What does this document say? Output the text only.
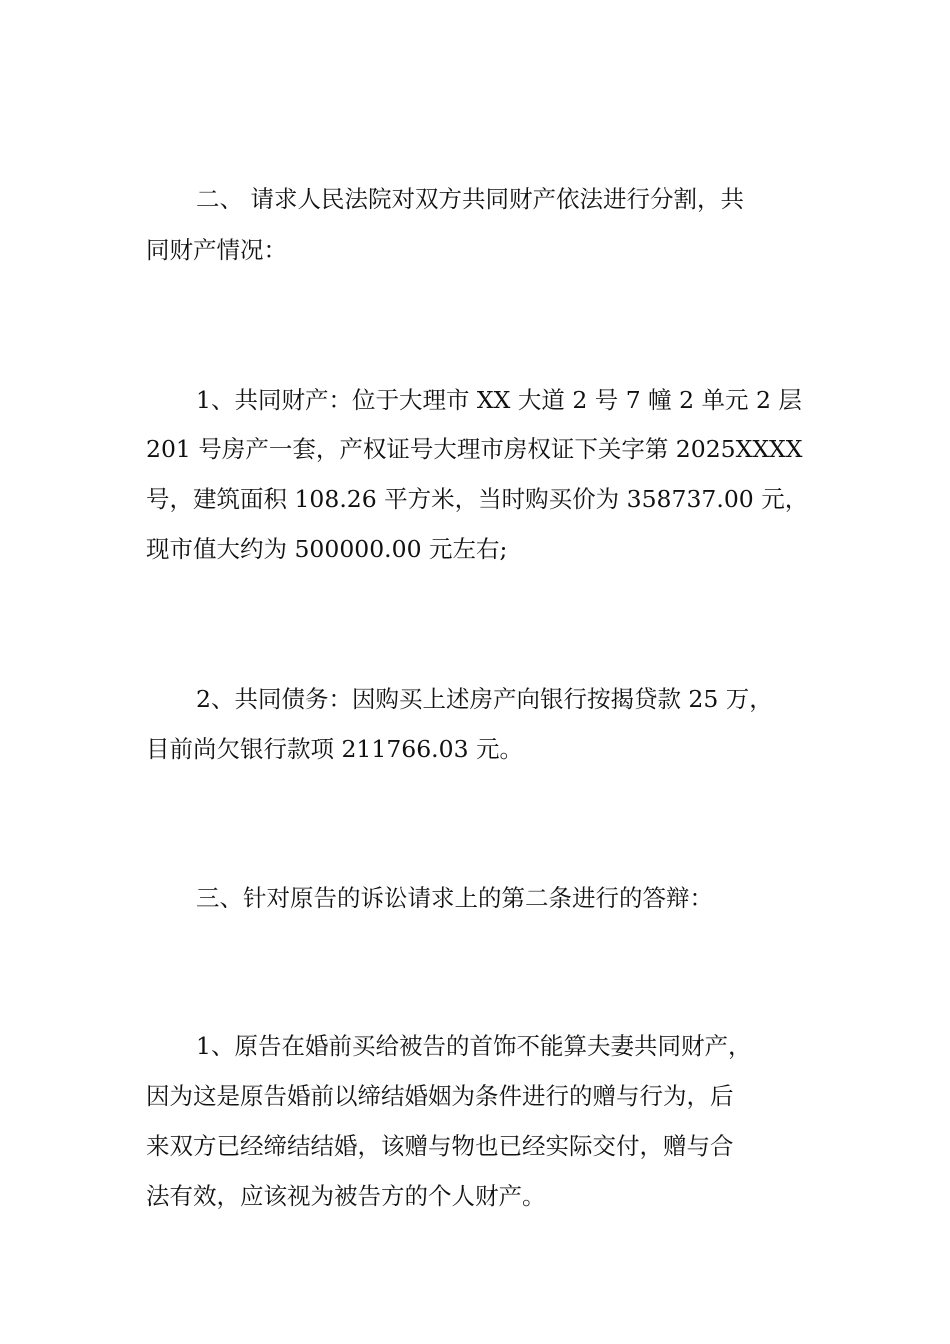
二、 请求人民法院对双方共同财产依法进行分割，共

同财产情况：

1、共同财产：位于大理市 XX 大道 2 号 7 幢 2 单元 2 层

201 号房产一套，产权证号大理市房权证下关字第 2025XXXX

号，建筑面积 108.26 平方米，当时购买价为 358737.00 元，

现市值大约为 500000.00 元左右;

2、共同债务：因购买上述房产向银行按揭贷款 25 万，

目前尚欠银行款项 211766.03 元。

三、针对原告的诉讼请求上的第二条进行的答辩：

1、原告在婚前买给被告的首饰不能算夫妻共同财产，

因为这是原告婚前以缔结婚姻为条件进行的赠与行为，后

来双方已经缔结结婚，该赠与物也已经实际交付，赠与合

法有效，应该视为被告方的个人财产。
